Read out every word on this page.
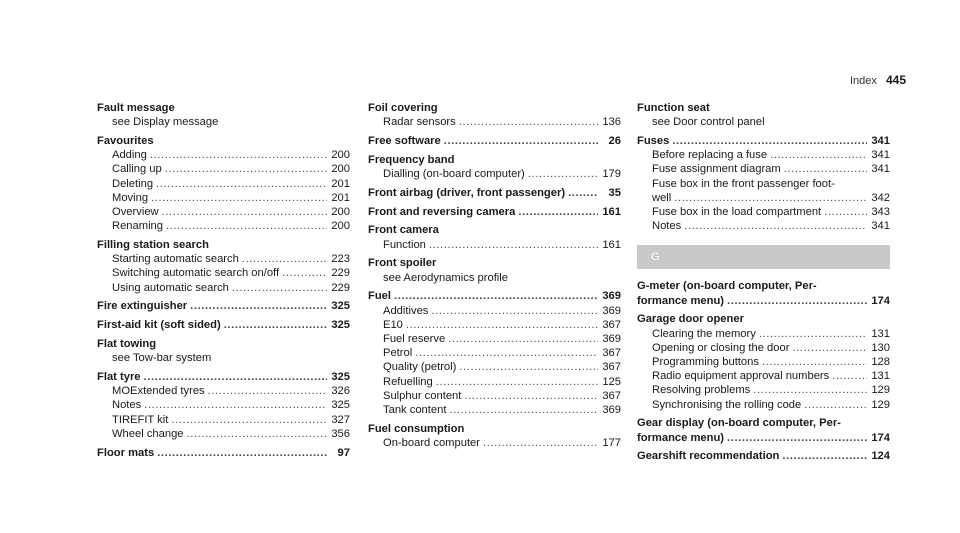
Index 445
Fault message
see Display message
Favourites
Adding .....	200
Calling up .....	200
Deleting .....	201
Moving .....	201
Overview .....	200
Renaming .....	200
Filling station search
Starting automatic search .....	223
Switching automatic search on/off .....	229
Using automatic search .....	229
Fire extinguisher .....	325
First-aid kit (soft sided) .....	325
Flat towing
see Tow-bar system
Flat tyre .....	325
MOExtended tyres .....	326
Notes .....	325
TIREFIT kit .....	327
Wheel change .....	356
Floor mats .....	97
Foil covering
Radar sensors .....	136
Free software .....	26
Frequency band
Dialling (on-board computer) .....	179
Front airbag (driver, front passenger) .....	35
Front and reversing camera .....	161
Front camera
Function .....	161
Front spoiler
see Aerodynamics profile
Fuel .....	369
Additives .....	369
E10 .....	367
Fuel reserve .....	369
Petrol .....	367
Quality (petrol) .....	367
Refuelling .....	125
Sulphur content .....	367
Tank content .....	369
Fuel consumption
On-board computer .....	177
Function seat
see Door control panel
Fuses .....	341
Before replacing a fuse .....	341
Fuse assignment diagram .....	341
Fuse box in the front passenger foot-
well .....	342
Fuse box in the load compartment .....	343
Notes .....	341
G
G-meter (on-board computer, Per-
formance menu) .....	174
Garage door opener
Clearing the memory .....	131
Opening or closing the door .....	130
Programming buttons .....	128
Radio equipment approval numbers .....	131
Resolving problems .....	129
Synchronising the rolling code .....	129
Gear display (on-board computer, Per-
formance menu) .....	174
Gearshift recommendation .....	124
